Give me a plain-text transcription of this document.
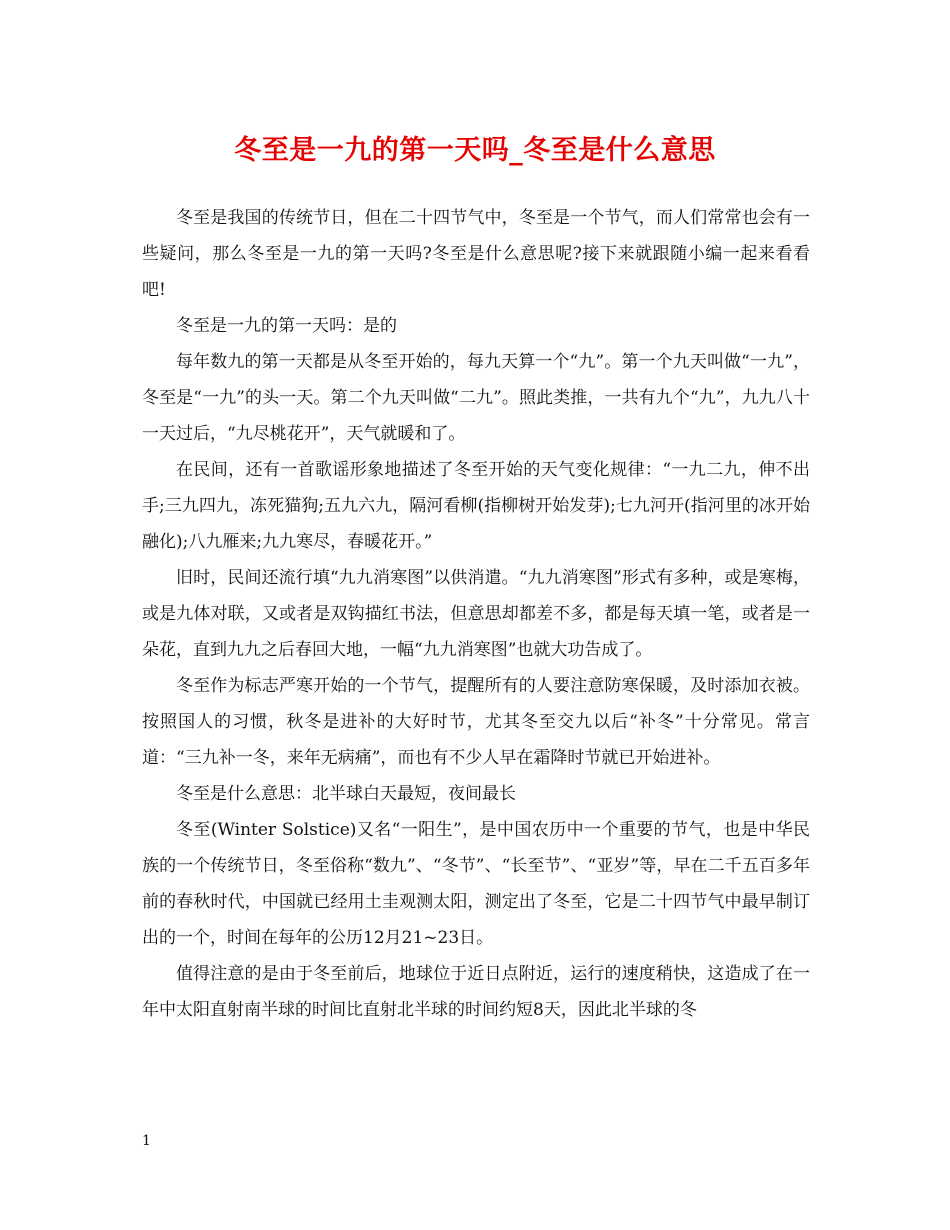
冬至是一九的第一天吗_冬至是什么意思

冬至是我国的传统节日，但在二十四节气中，冬至是一个节气，而人们常常也会有一些疑问，那么冬至是一九的第一天吗?冬至是什么意思呢?接下来就跟随小编一起来看看吧!

冬至是一九的第一天吗：是的

每年数九的第一天都是从冬至开始的，每九天算一个“九”。第一个九天叫做“一九”，冬至是“一九”的头一天。第二个九天叫做“二九”。照此类推，一共有九个“九”，九九八十一天过后，“九尽桃花开”，天气就暖和了。

在民间，还有一首歌谣形象地描述了冬至开始的天气变化规律：“一九二九，伸不出手;三九四九，冻死猫狗;五九六九，隔河看柳(指柳树开始发芽);七九河开(指河里的冰开始融化);八九雁来;九九寒尽，春暖花开。”

旧时，民间还流行填“九九消寒图”以供消遣。“九九消寒图”形式有多种，或是寒梅，或是九体对联，又或者是双钩描红书法，但意思却都差不多，都是每天填一笔，或者是一朵花，直到九九之后春回大地，一幅“九九消寒图”也就大功告成了。

冬至作为标志严寒开始的一个节气，提醒所有的人要注意防寒保暖，及时添加衣被。按照国人的习惯，秋冬是进补的大好时节，尤其冬至交九以后“补冬”十分常见。常言道：“三九补一冬，来年无病痛”，而也有不少人早在霜降时节就已开始进补。

冬至是什么意思：北半球白天最短，夜间最长

冬至(Winter Solstice)又名“一阳生”，是中国农历中一个重要的节气，也是中华民族的一个传统节日，冬至俗称“数九”、“冬节”、“长至节”、“亚岁”等，早在二千五百多年前的春秋时代，中国就已经用土圭观测太阳，测定出了冬至，它是二十四节气中最早制订出的一个，时间在每年的公历12月21~23日。

值得注意的是由于冬至前后，地球位于近日点附近，运行的速度稍快，这造成了在一年中太阳直射南半球的时间比直射北半球的时间约短8天，因此北半球的冬

1
